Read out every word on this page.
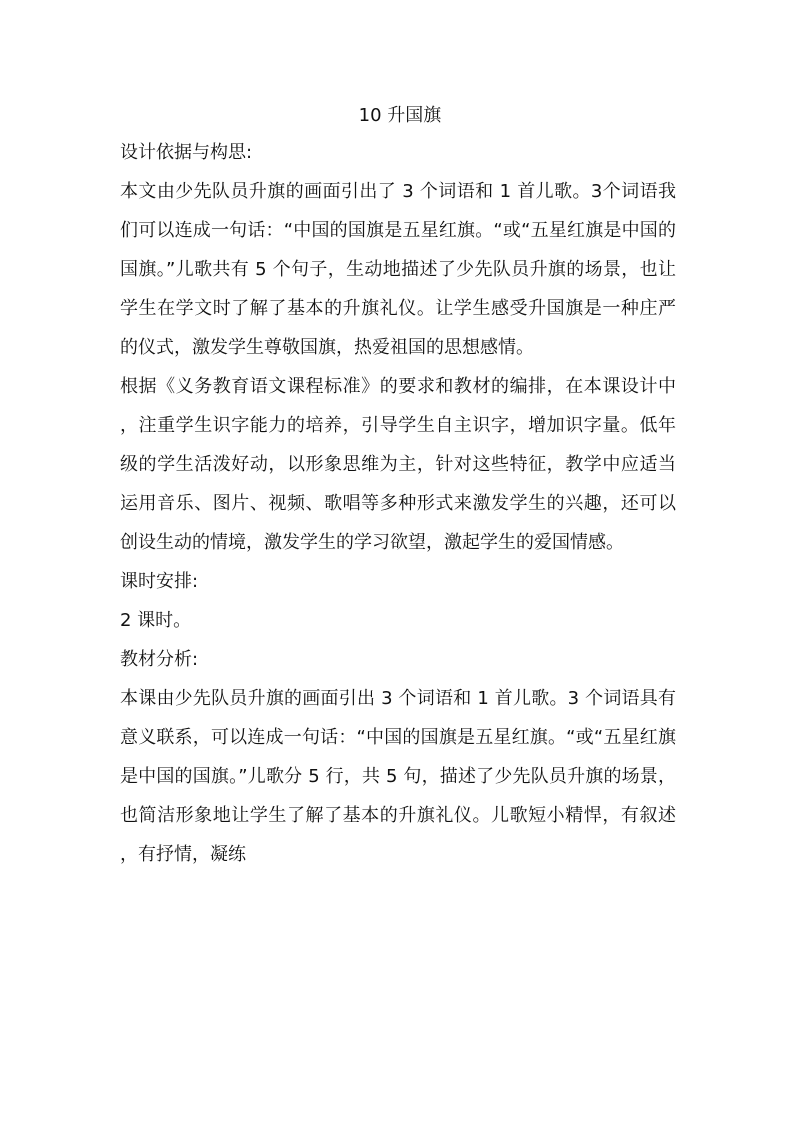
10 升国旗
设计依据与构思:

本文由少先队员升旗的画面引出了 3 个词语和 1 首儿歌。3个词语我们可以连成一句话：“中国的国旗是五星红旗。“或“五星红旗是中国的国旗。”儿歌共有 5 个句子，生动地描述了少先队员升旗的场景，也让学生在学文时了解了基本的升旗礼仪。让学生感受升国旗是一种庄严的仪式，激发学生尊敬国旗，热爱祖国的思想感情。

根据《义务教育语文课程标准》的要求和教材的编排，在本课设计中，注重学生识字能力的培养，引导学生自主识字，增加识字量。低年级的学生活泼好动，以形象思维为主，针对这些特征，教学中应适当运用音乐、图片、视频、歌唱等多种形式来激发学生的兴趣，还可以创设生动的情境，激发学生的学习欲望，激起学生的爱国情感。

课时安排:

2 课时。

教材分析:

本课由少先队员升旗的画面引出 3 个词语和 1 首儿歌。3 个词语具有意义联系，可以连成一句话：“中国的国旗是五星红旗。“或“五星红旗是中国的国旗。”儿歌分 5 行，共 5 句，描述了少先队员升旗的场景，也简洁形象地让学生了解了基本的升旗礼仪。儿歌短小精悍，有叙述，有抒情，凝练
